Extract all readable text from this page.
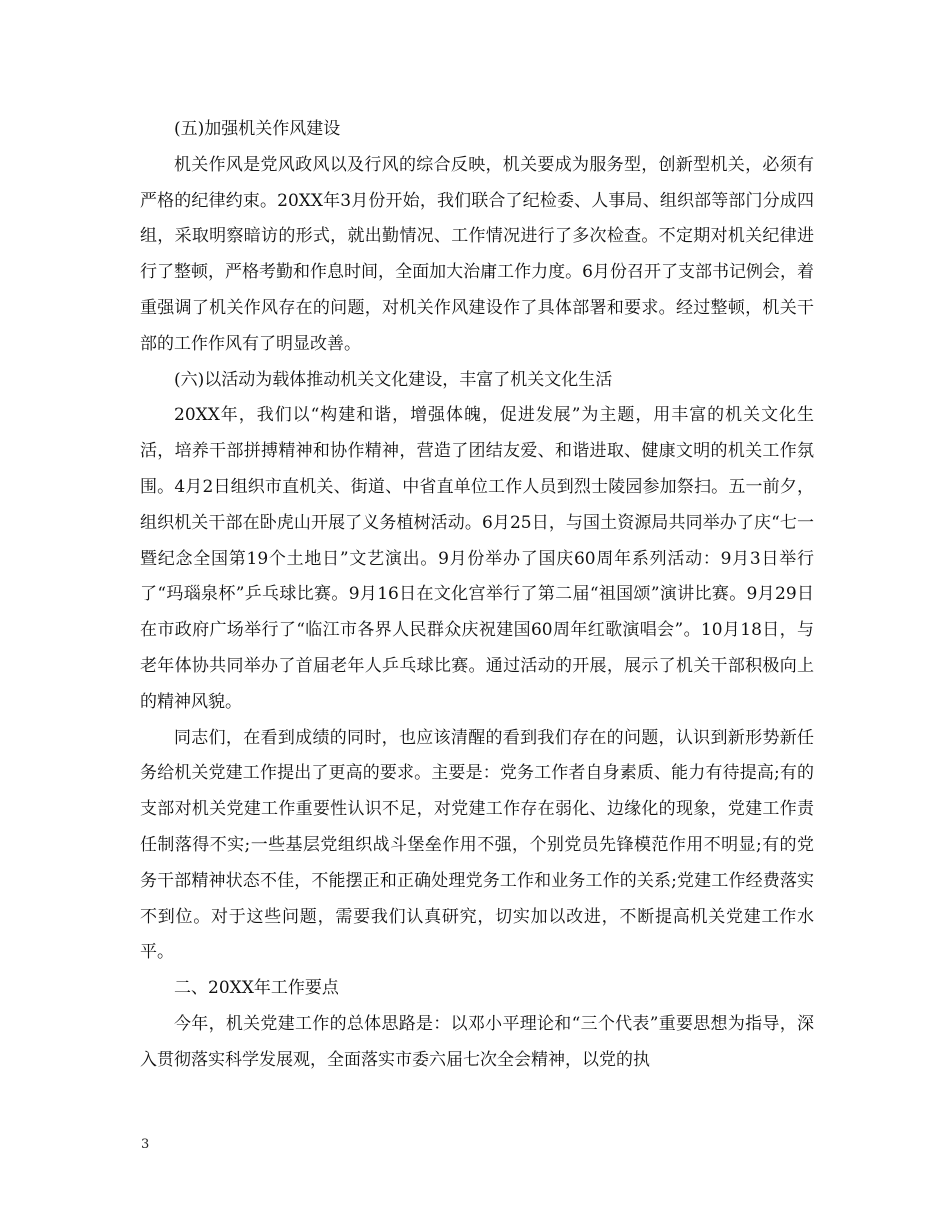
(五)加强机关作风建设

机关作风是党风政风以及行风的综合反映，机关要成为服务型，创新型机关，必须有严格的纪律约束。20XX年3月份开始，我们联合了纪检委、人事局、组织部等部门分成四组，采取明察暗访的形式，就出勤情况、工作情况进行了多次检查。不定期对机关纪律进行了整顿，严格考勤和作息时间，全面加大治庸工作力度。6月份召开了支部书记例会，着重强调了机关作风存在的问题，对机关作风建设作了具体部署和要求。经过整顿，机关干部的工作作风有了明显改善。

(六)以活动为载体推动机关文化建设，丰富了机关文化生活

20XX年，我们以“构建和谐，增强体魄，促进发展”为主题，用丰富的机关文化生活，培养干部拼搏精神和协作精神，营造了团结友爱、和谐进取、健康文明的机关工作氛围。4月2日组织市直机关、街道、中省直单位工作人员到烈士陵园参加祭扫。五一前夕，组织机关干部在卧虎山开展了义务植树活动。6月25日，与国土资源局共同举办了庆“七一暨纪念全国第19个土地日”文艺演出。9月份举办了国庆60周年系列活动：9月3日举行了“玛瑙泉杯”乒乓球比赛。9月16日在文化宫举行了第二届“祖国颂”演讲比赛。9月29日在市政府广场举行了“临江市各界人民群众庆祝建国60周年红歌演唱会”。10月18日，与老年体协共同举办了首届老年人乒乓球比赛。通过活动的开展，展示了机关干部积极向上的精神风貌。

同志们，在看到成绩的同时，也应该清醒的看到我们存在的问题，认识到新形势新任务给机关党建工作提出了更高的要求。主要是：党务工作者自身素质、能力有待提高;有的支部对机关党建工作重要性认识不足，对党建工作存在弱化、边缘化的现象，党建工作责任制落得不实;一些基层党组织战斗堡垒作用不强，个别党员先锋模范作用不明显;有的党务干部精神状态不佳，不能摆正和正确处理党务工作和业务工作的关系;党建工作经费落实不到位。对于这些问题，需要我们认真研究，切实加以改进，不断提高机关党建工作水平。

二、20XX年工作要点

今年，机关党建工作的总体思路是：以邓小平理论和“三个代表”重要思想为指导，深入贯彻落实科学发展观，全面落实市委六届七次全会精神，以党的执

3
